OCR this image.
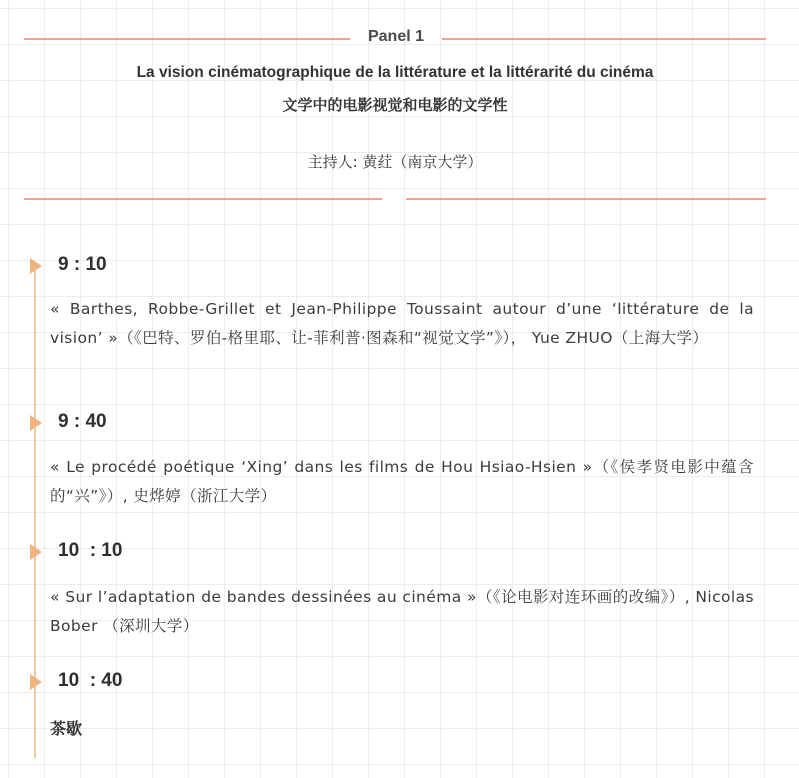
Panel 1
La vision cinématographique de la littérature et la littérarité du cinéma
文学中的电影视觉和电影的文学性
主持人: 黄荭（南京大学）
9 : 10
« Barthes, Robbe-Grillet et Jean-Philippe Toussaint autour d’une ‘littérature de la vision’ »（《巴特、罗伯-格里耶、让-菲利普·图森和“视觉文学”》）， Yue ZHUO（上海大学）
9 : 40
« Le procédé poétique ‘Xing’ dans les films de Hou Hsiao-Hsien »（《侯孝贤电影中蕴含的“兴”》）, 史烨婷（浙江大学）
10  : 10
« Sur l’adaptation de bandes dessinées au cinéma »（《论电影对连环画的改编》）, Nicolas Bober （深圳大学）
10  : 40
茶歇
